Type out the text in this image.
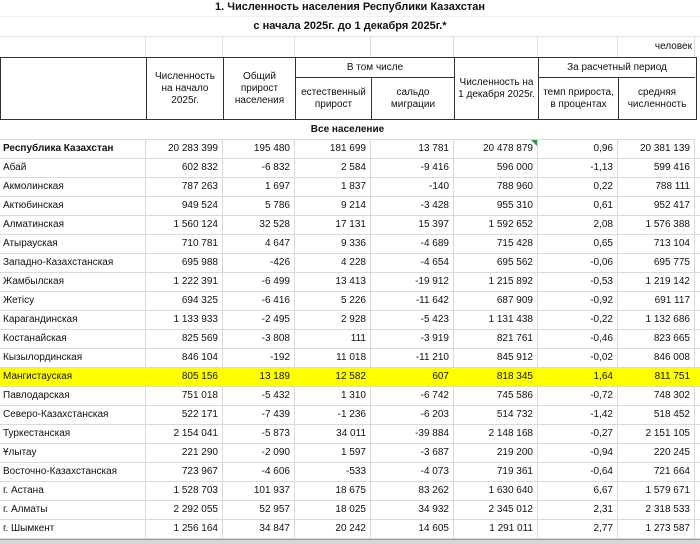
1. Численность населения Республики Казахстан
с начала 2025г. до 1 декабря 2025г.*
человек
Численность на начало 2025г.
Общий прирост населения
В том числе
естественный прирост
сальдо миграции
Численность на 1 декабря 2025г.
За расчетный период
темп прироста, в процентах
средняя численность
Все население
Республика Казахстан	20 283 399	195 480	181 699	13 781	20 478 879	0,96	20 381 139
Абай	602 832	-6 832	2 584	-9 416	596 000	-1,13	599 416
Акмолинская	787 263	1 697	1 837	-140	788 960	0,22	788 111
Актюбинская	949 524	5 786	9 214	-3 428	955 310	0,61	952 417
Алматинская	1 560 124	32 528	17 131	15 397	1 592 652	2,08	1 576 388
Атырауская	710 781	4 647	9 336	-4 689	715 428	0,65	713 104
Западно-Казахстанская	695 988	-426	4 228	-4 654	695 562	-0,06	695 775
Жамбылская	1 222 391	-6 499	13 413	-19 912	1 215 892	-0,53	1 219 142
Жетісу	694 325	-6 416	5 226	-11 642	687 909	-0,92	691 117
Карагандинская	1 133 933	-2 495	2 928	-5 423	1 131 438	-0,22	1 132 686
Костанайская	825 569	-3 808	111	-3 919	821 761	-0,46	823 665
Кызылординская	846 104	-192	11 018	-11 210	845 912	-0,02	846 008
Мангистауская	805 156	13 189	12 582	607	818 345	1,64	811 751
Павлодарская	751 018	-5 432	1 310	-6 742	745 586	-0,72	748 302
Северо-Казахстанская	522 171	-7 439	-1 236	-6 203	514 732	-1,42	518 452
Туркестанская	2 154 041	-5 873	34 011	-39 884	2 148 168	-0,27	2 151 105
Ұлытау	221 290	-2 090	1 597	-3 687	219 200	-0,94	220 245
Восточно-Казахстанская	723 967	-4 606	-533	-4 073	719 361	-0,64	721 664
г. Астана	1 528 703	101 937	18 675	83 262	1 630 640	6,67	1 579 671
г. Алматы	2 292 055	52 957	18 025	34 932	2 345 012	2,31	2 318 533
г. Шымкент	1 256 164	34 847	20 242	14 605	1 291 011	2,77	1 273 587
